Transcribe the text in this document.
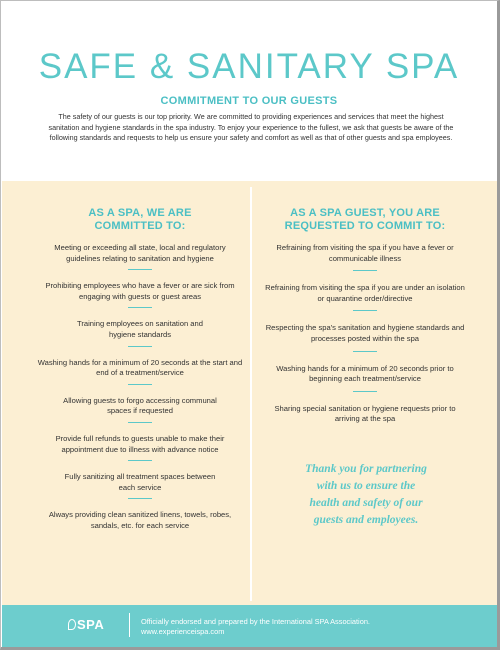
SAFE & SANITARY SPA
COMMITMENT TO OUR GUESTS
The safety of our guests is our top priority. We are committed to providing experiences and services that meet the highest sanitation and hygiene standards in the spa industry. To enjoy your experience to the fullest, we ask that guests be aware of the following standards and requests to help us ensure your safety and comfort as well as that of other guests and spa employees.
AS A SPA, WE ARE
COMMITTED TO:
Meeting or exceeding all state, local and regulatory guidelines relating to sanitation and hygiene
Prohibiting employees who have a fever or are sick from engaging with guests or guest areas
Training employees on sanitation and hygiene standards
Washing hands for a minimum of 20 seconds at the start and end of a treatment/service
Allowing guests to forgo accessing communal spaces if requested
Provide full refunds to guests unable to make their appointment due to illness with advance notice
Fully sanitizing all treatment spaces between each service
Always providing clean sanitized linens, towels, robes, sandals, etc. for each service
AS A SPA GUEST, YOU ARE
REQUESTED TO COMMIT TO:
Refraining from visiting the spa if you have a fever or communicable illness
Refraining from visiting the spa if you are under an isolation or quarantine order/directive
Respecting the spa's sanitation and hygiene standards and processes posted within the spa
Washing hands for a minimum of 20 seconds prior to beginning each treatment/service
Sharing special sanitation or hygiene requests prior to arriving at the spa
Thank you for partnering with us to ensure the health and safety of our guests and employees.
SPA	Officially endorsed and prepared by the International SPA Association.
www.experienceispa.com
